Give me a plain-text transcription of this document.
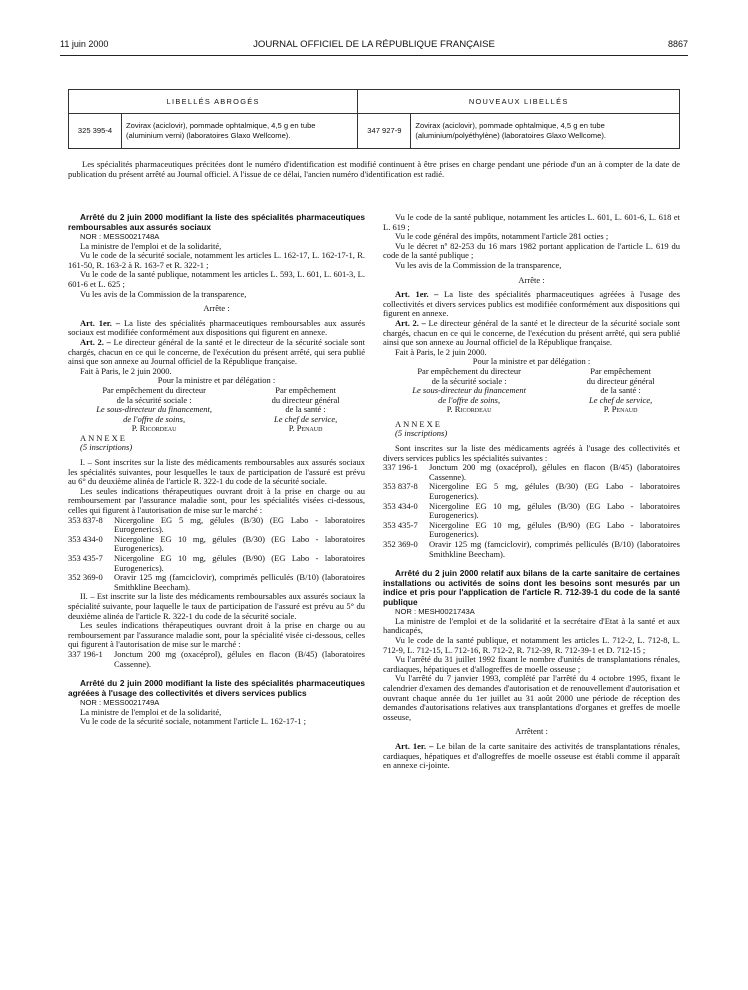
11 juin 2000	JOURNAL OFFICIEL DE LA RÉPUBLIQUE FRANÇAISE	8867
LIBELLÉS ABROGÉS		NOUVEAUX LIBELLÉS	
325 395-4	Zovirax (aciclovir), pommade ophtalmique, 4,5 g en tube (aluminium verni) (laboratoires Glaxo Wellcome).	347 927-9	Zovirax (aciclovir), pommade ophtalmique, 4,5 g en tube (aluminium/polyéthylène) (laboratoires Glaxo Wellcome).

Les spécialités pharmaceutiques précitées dont le numéro d'identification est modifié continuent à être prises en charge pendant une période d'un an à compter de la date de publication du présent arrêté au Journal officiel. A l'issue de ce délai, l'ancien numéro d'identification est radié.

Arrêté du 2 juin 2000 modifiant la liste des spécialités pharmaceutiques remboursables aux assurés sociaux

NOR : MESS0021748A

La ministre de l'emploi et de la solidarité,

Vu le code de la sécurité sociale, notamment les articles L. 162-17, L. 162-17-1, R. 161-50, R. 163-2 à R. 163-7 et R. 322-1 ;

Vu le code de la santé publique, notamment les articles L. 593, L. 601, L. 601-3, L. 601-6 et L. 625 ;

Vu les avis de la Commission de la transparence,

Arrête :

Art. 1er. – La liste des spécialités pharmaceutiques remboursables aux assurés sociaux est modifiée conformément aux dispositions qui figurent en annexe.

Art. 2. – Le directeur général de la santé et le directeur de la sécurité sociale sont chargés, chacun en ce qui le concerne, de l'exécution du présent arrêté, qui sera publié ainsi que son annexe au Journal officiel de la République française.

Fait à Paris, le 2 juin 2000.

Pour la ministre et par délégation :

Par empêchement du directeur
de la sécurité sociale :
Le sous-directeur du financement,
de l'offre de soins,
P. Ricordeau
Par empêchement
du directeur général
de la santé :
Le chef de service,
P. Penaud

ANNEXE

(5 inscriptions)

I. – Sont inscrites sur la liste des médicaments remboursables aux assurés sociaux les spécialités suivantes, pour lesquelles le taux de participation de l'assuré est prévu au 6° du deuxième alinéa de l'article R. 322-1 du code de la sécurité sociale.

Les seules indications thérapeutiques ouvrant droit à la prise en charge ou au remboursement par l'assurance maladie sont, pour les spécialités visées ci-dessous, celles qui figurent à l'autorisation de mise sur le marché :

353 837-8	Nicergoline EG 5 mg, gélules (B/30) (EG Labo - laboratoires Eurogenerics).
353 434-0	Nicergoline EG 10 mg, gélules (B/30) (EG Labo - laboratoires Eurogenerics).
353 435-7	Nicergoline EG 10 mg, gélules (B/90) (EG Labo - laboratoires Eurogenerics).
352 369-0	Oravir 125 mg (famciclovir), comprimés pelliculés (B/10) (laboratoires Smithkline Beecham).

II. – Est inscrite sur la liste des médicaments remboursables aux assurés sociaux la spécialité suivante, pour laquelle le taux de participation de l'assuré est prévu au 5° du deuxième alinéa de l'article R. 322-1 du code de la sécurité sociale.

Les seules indications thérapeutiques ouvrant droit à la prise en charge ou au remboursement par l'assurance maladie sont, pour la spécialité visée ci-dessous, celles qui figurent à l'autorisation de mise sur le marché :

337 196-1	Jonctum 200 mg (oxacéprol), gélules en flacon (B/45) (laboratoires Cassenne).

Arrêté du 2 juin 2000 modifiant la liste des spécialités pharmaceutiques agréées à l'usage des collectivités et divers services publics

NOR : MESS0021749A

La ministre de l'emploi et de la solidarité,

Vu le code de la sécurité sociale, notamment l'article L. 162-17-1 ;

Vu le code de la santé publique, notamment les articles L. 601, L. 601-6, L. 618 et L. 619 ;

Vu le code général des impôts, notamment l'article 281 octies ;

Vu le décret nº 82-253 du 16 mars 1982 portant application de l'article L. 619 du code de la santé publique ;

Vu les avis de la Commission de la transparence,

Arrête :

Art. 1er. – La liste des spécialités pharmaceutiques agréées à l'usage des collectivités et divers services publics est modifiée conformément aux dispositions qui figurent en annexe.

Art. 2. – Le directeur général de la santé et le directeur de la sécurité sociale sont chargés, chacun en ce qui le concerne, de l'exécution du présent arrêté, qui sera publié ainsi que son annexe au Journal officiel de la République française.

Fait à Paris, le 2 juin 2000.

Pour la ministre et par délégation :

Par empêchement du directeur
de la sécurité sociale :
Le sous-directeur du financement
de l'offre de soins,
P. Ricordeau
Par empêchement
du directeur général
de la santé :
Le chef de service,
P. Penaud

ANNEXE

(5 inscriptions)

Sont inscrites sur la liste des médicaments agréés à l'usage des collectivités et divers services publics les spécialités suivantes :

337 196-1	Jonctum 200 mg (oxacéprol), gélules en flacon (B/45) (laboratoires Cassenne).
353 837-8	Nicergoline EG 5 mg, gélules (B/30) (EG Labo - laboratoires Eurogenerics).
353 434-0	Nicergoline EG 10 mg, gélules (B/30) (EG Labo - laboratoires Eurogenerics).
353 435-7	Nicergoline EG 10 mg, gélules (B/90) (EG Labo - laboratoires Eurogenerics).
352 369-0	Oravir 125 mg (famciclovir), comprimés pelliculés (B/10) (laboratoires Smithkline Beecham).

Arrêté du 2 juin 2000 relatif aux bilans de la carte sanitaire de certaines installations ou activités de soins dont les besoins sont mesurés par un indice et pris pour l'application de l'article R. 712-39-1 du code de la santé publique

NOR : MESH0021743A

La ministre de l'emploi et de la solidarité et la secrétaire d'Etat à la santé et aux handicapés,

Vu le code de la santé publique, et notamment les articles L. 712-2, L. 712-8, L. 712-9, L. 712-15, L. 712-16, R. 712-2, R. 712-39, R. 712-39-1 et D. 712-15 ;

Vu l'arrêté du 31 juillet 1992 fixant le nombre d'unités de transplantations rénales, cardiaques, hépatiques et d'allogreffes de moelle osseuse ;

Vu l'arrêté du 7 janvier 1993, complété par l'arrêté du 4 octobre 1995, fixant le calendrier d'examen des demandes d'autorisation et de renouvellement d'autorisation et ouvrant chaque année du 1er juillet au 31 août 2000 une période de réception des demandes d'autorisations relatives aux transplantations d'organes et greffes de moelle osseuse,

Arrêtent :

Art. 1er. – Le bilan de la carte sanitaire des activités de transplantations rénales, cardiaques, hépatiques et d'allogreffes de moelle osseuse est établi comme il apparaît en annexe ci-jointe.
